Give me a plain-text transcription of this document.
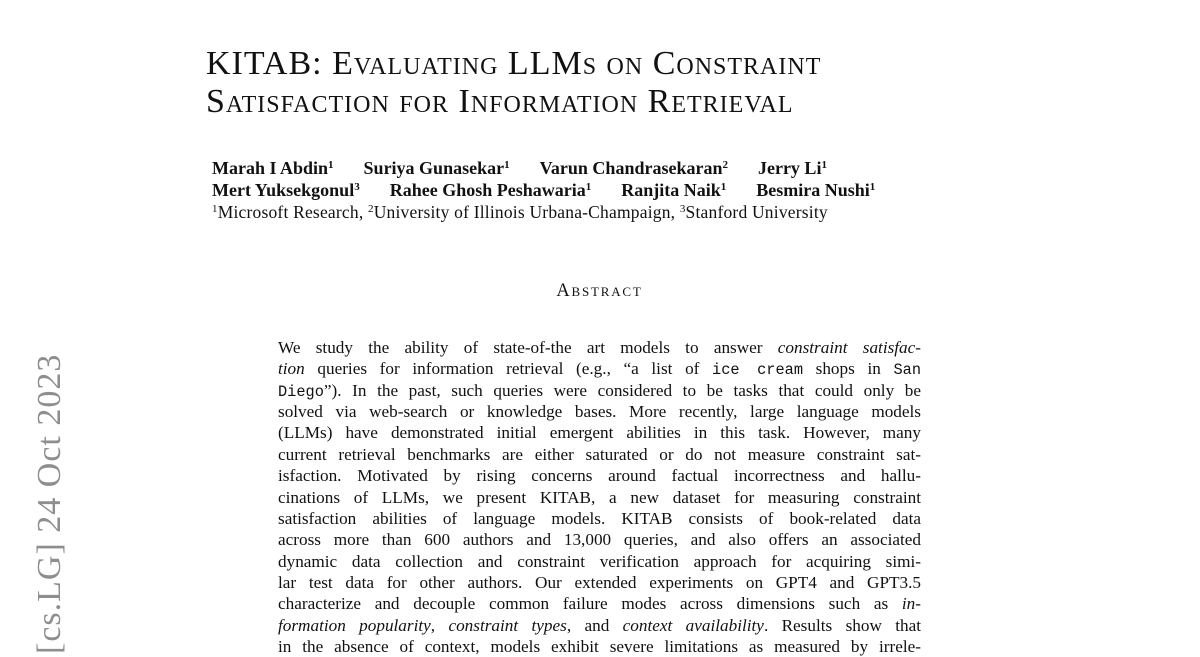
[cs.LG] 24 Oct 2023
KITAB: Evaluating LLMs on Constraint
Satisfaction for Information Retrieval
Marah I Abdin$^1$ Suriya Gunasekar$^1$ Varun Chandrasekaran$^2$ Jerry Li$^1$
Mert Yuksekgonul$^3$ Rahee Ghosh Peshawaria$^1$ Ranjita Naik$^1$ Besmira Nushi$^1$
$^1$Microsoft Research, $^2$University of Illinois Urbana-Champaign, $^3$Stanford University
Abstract
We study the ability of state-of-the art models to answer constraint satisfac-
tion queries for information retrieval (e.g., “a list of ice cream shops in San
Diego”). In the past, such queries were considered to be tasks that could only be
solved via web-search or knowledge bases. More recently, large language models
(LLMs) have demonstrated initial emergent abilities in this task. However, many
current retrieval benchmarks are either saturated or do not measure constraint sat-
isfaction. Motivated by rising concerns around factual incorrectness and hallu-
cinations of LLMs, we present KITAB, a new dataset for measuring constraint
satisfaction abilities of language models. KITAB consists of book-related data
across more than 600 authors and 13,000 queries, and also offers an associated
dynamic data collection and constraint verification approach for acquiring simi-
lar test data for other authors. Our extended experiments on GPT4 and GPT3.5
characterize and decouple common failure modes across dimensions such as in-
formation popularity, constraint types, and context availability. Results show that
in the absence of context, models exhibit severe limitations as measured by irrele-
